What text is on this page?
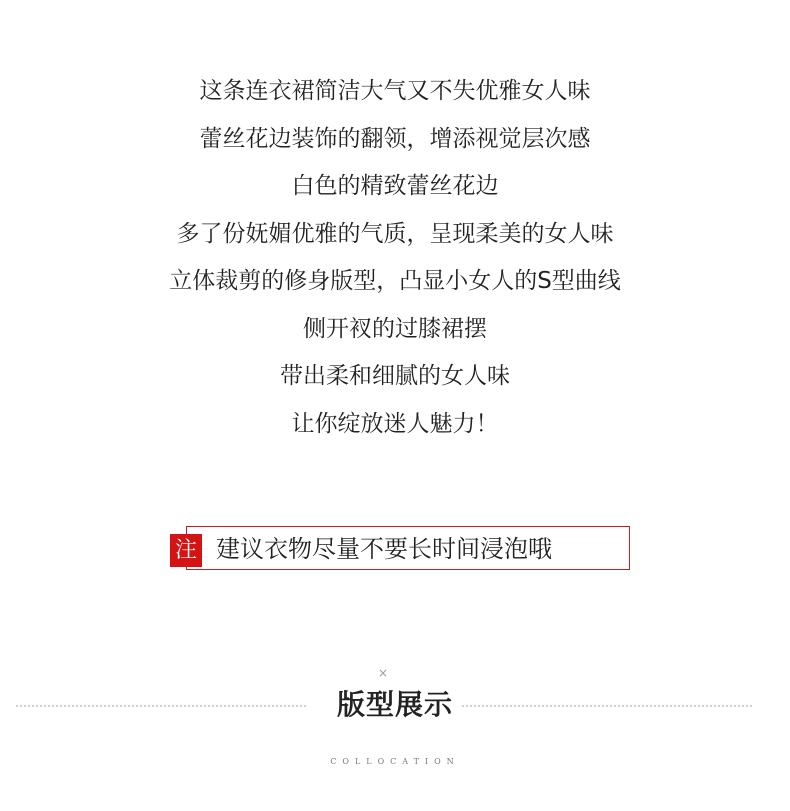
这条连衣裙简洁大气又不失优雅女人味
蕾丝花边装饰的翻领，增添视觉层次感
白色的精致蕾丝花边
多了份妩媚优雅的气质，呈现柔美的女人味
立体裁剪的修身版型，凸显小女人的S型曲线
侧开衩的过膝裙摆
带出柔和细腻的女人味
让你绽放迷人魅力！
注 建议衣物尽量不要长时间浸泡哦
×
版型展示
COLLOCATION
